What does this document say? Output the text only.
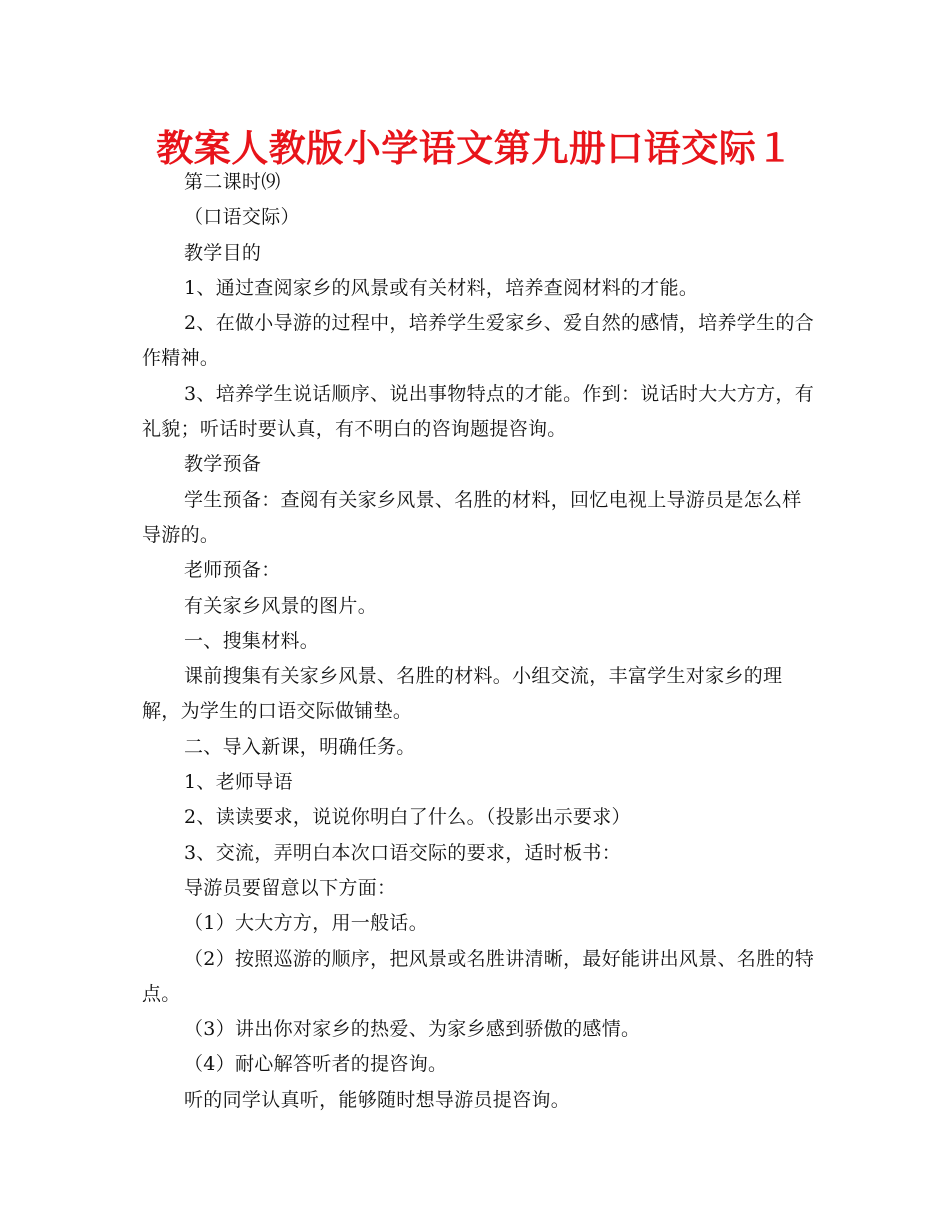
教案人教版小学语文第九册口语交际１

第二课时⑼

（口语交际）

教学目的

1、通过查阅家乡的风景或有关材料，培养查阅材料的才能。

2、在做小导游的过程中，培养学生爱家乡、爱自然的感情，培养学生的合作精神。

3、培养学生说话顺序、说出事物特点的才能。作到：说话时大大方方，有礼貌；听话时要认真，有不明白的咨询题提咨询。

教学预备

学生预备：查阅有关家乡风景、名胜的材料，回忆电视上导游员是怎么样导游的。

老师预备：

有关家乡风景的图片。

一、搜集材料。

课前搜集有关家乡风景、名胜的材料。小组交流，丰富学生对家乡的理解，为学生的口语交际做铺垫。

二、导入新课，明确任务。

1、老师导语

2、读读要求，说说你明白了什么。（投影出示要求）

3、交流，弄明白本次口语交际的要求，适时板书：

导游员要留意以下方面：

（1）大大方方，用一般话。

（2）按照巡游的顺序，把风景或名胜讲清晰，最好能讲出风景、名胜的特点。

（3）讲出你对家乡的热爱、为家乡感到骄傲的感情。

（4）耐心解答听者的提咨询。

听的同学认真听，能够随时想导游员提咨询。
